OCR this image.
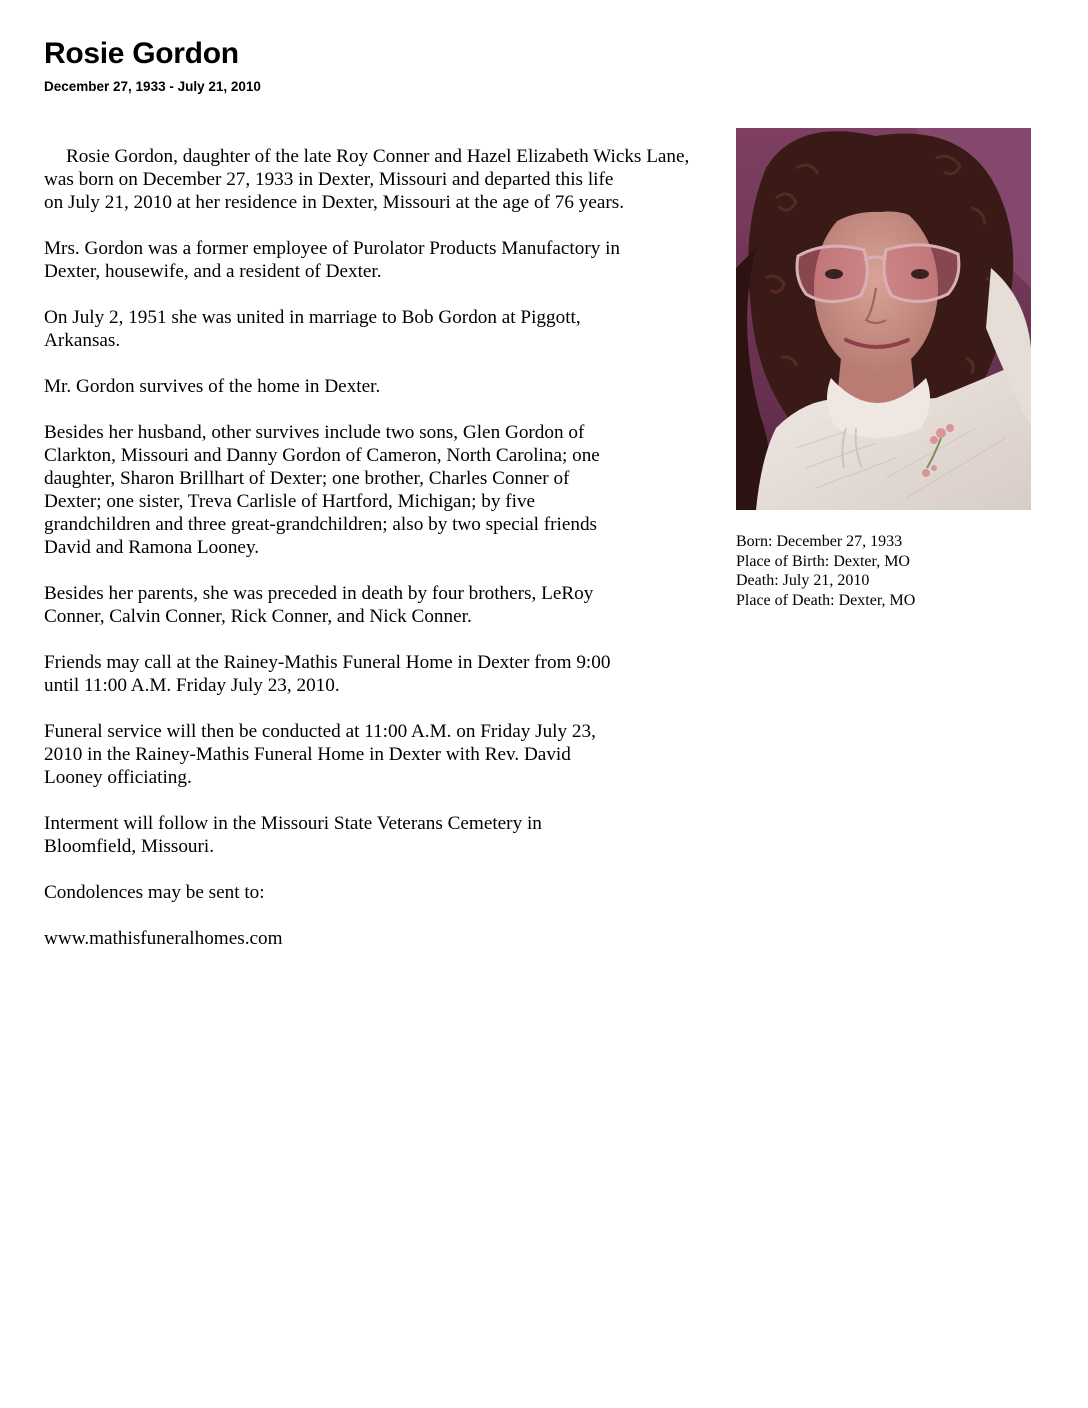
Rosie Gordon
December 27, 1933 - July 21, 2010

Rosie Gordon, daughter of the late Roy Conner and Hazel Elizabeth Wicks Lane,
was born on December 27, 1933 in Dexter, Missouri and departed this life
on July 21, 2010 at her residence in Dexter, Missouri at the age of 76 years.

Mrs. Gordon was a former employee of Purolator Products Manufactory in
Dexter, housewife, and a resident of Dexter.

On July 2, 1951 she was united in marriage to Bob Gordon at Piggott,
Arkansas.

Mr. Gordon survives of the home in Dexter.

Besides her husband, other survives include two sons, Glen Gordon of
Clarkton, Missouri and Danny Gordon of Cameron, North Carolina; one
daughter, Sharon Brillhart of Dexter; one brother, Charles Conner of
Dexter; one sister, Treva Carlisle of Hartford, Michigan; by five
grandchildren and three great-grandchildren; also by two special friends
David and Ramona Looney.

Besides her parents, she was preceded in death by four brothers, LeRoy
Conner, Calvin Conner, Rick Conner, and Nick Conner.

Friends may call at the Rainey-Mathis Funeral Home in Dexter from 9:00
until 11:00 A.M. Friday July 23, 2010.

Funeral service will then be conducted at 11:00 A.M. on Friday July 23,
2010 in the Rainey-Mathis Funeral Home in Dexter with Rev. David
Looney officiating.

Interment will follow in the Missouri State Veterans Cemetery in
Bloomfield, Missouri.

Condolences may be sent to:

www.mathisfuneralhomes.com

Born: December 27, 1933
Place of Birth: Dexter, MO
Death: July 21, 2010
Place of Death: Dexter, MO
